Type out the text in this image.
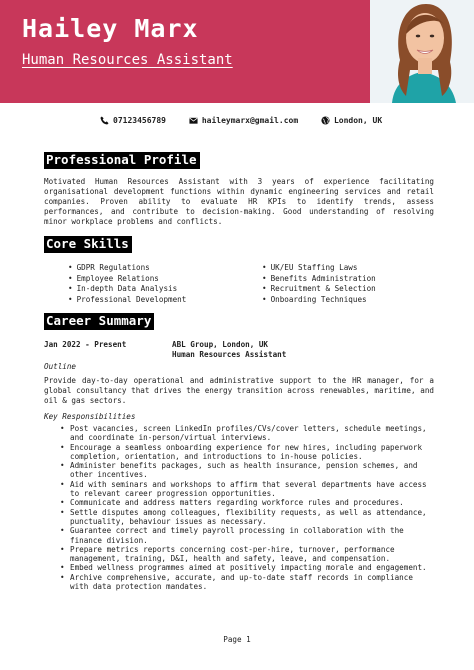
Hailey Marx
Human Resources Assistant
07123456789
	haileymarx@gmail.com
	London, UK
Professional Profile
Motivated Human Resources Assistant with 3 years of experience facilitating organisational development functions within dynamic engineering services and retail companies. Proven ability to evaluate HR KPIs to identify trends, assess performances, and contribute to decision-making. Good understanding of resolving minor workplace problems and conflicts.
Core Skills
• GDPR Regulations
• Employee Relations
• In-depth Data Analysis
• Professional Development
• UK/EU Staffing Laws
• Benefits Administration
• Recruitment & Selection
• Onboarding Techniques
Career Summary
Jan 2022 - Present	ABL Group, London, UK
Human Resources Assistant
Outline
Provide day-to-day operational and administrative support to the HR manager, for a global consultancy that drives the energy transition across renewables, maritime, and oil & gas sectors.
Key Responsibilities
• Post vacancies, screen LinkedIn profiles/CVs/cover letters, schedule meetings, and coordinate in-person/virtual interviews.
• Encourage a seamless onboarding experience for new hires, including paperwork completion, orientation, and introductions to in-house policies.
• Administer benefits packages, such as health insurance, pension schemes, and other incentives.
• Aid with seminars and workshops to affirm that several departments have access to relevant career progression opportunities.
• Communicate and address matters regarding workforce rules and procedures.
• Settle disputes among colleagues, flexibility requests, as well as attendance, punctuality, behaviour issues as necessary.
• Guarantee correct and timely payroll processing in collaboration with the finance division.
• Prepare metrics reports concerning cost-per-hire, turnover, performance management, training, D&I, health and safety, leave, and compensation.
• Embed wellness programmes aimed at positively impacting morale and engagement.
• Archive comprehensive, accurate, and up-to-date staff records in compliance with data protection mandates.
Page 1
